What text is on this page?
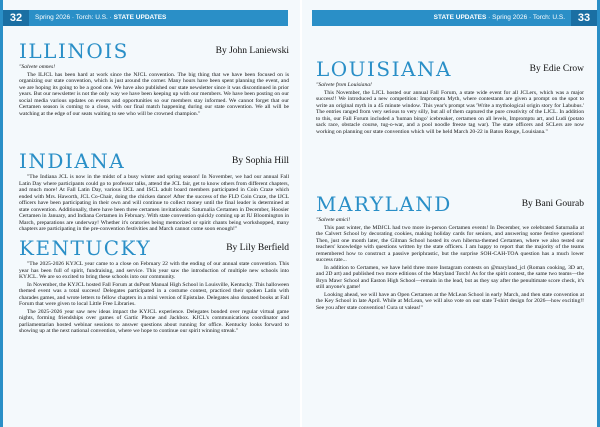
32 Spring 2026 · Torch: U.S. · STATE UPDATES
ILLINOIS	By John Laniewski

"Salvete omnes!

The ILJCL has been hard at work since the NJCL convention. The big thing that we have been focused on is organizing our state convention, which is just around the corner. Many hours have been spent planning the event, and we are hoping its going to be a good one. We have also published our state newsletter since it was discontinued in prior years. But our newsletter is not the only way we have been keeping up with our members. We have been posting on our social media various updates on events and opportunities so our members stay informed. We cannot forget that our Certamen season is coming to a close, with our final match happening during our state convention. We all will be watching at the edge of our seats waiting to see who will be crowned champion."

INDIANA	By Sophia Hill

"The Indiana JCL is now in the midst of a busy winter and spring season! In November, we had our annual Fall Latin Day where participants could go to professor talks, attend the JCL fair, get to know others from different chapters, and much more! At Fall Latin Day, various IJCL and ISCL adult board members participated in Coin Craze which ended with Mrs. Haworth, JCL Co-Chair, doing the chicken dance! After the success of the FLD Coin Craze, the IJCL officers have been participating in their own and will continue to collect money until the final leader is determined at state convention. Additionally, there have been three certamen invitationals: Saturnalia Certamen in December, Hoosier Certamen in January, and Indiana Certamen in February. With state convention quickly coming up at IU Bloomington in March, preparations are underway! Whether it's oratories being memorized or spirit chants being workshopped, many chapters are participating in the pre-convention festivities and March cannot come soon enough!"

KENTUCKY	By Lily Berfield

"The 2025-2026 KYJCL year came to a close on February 22 with the ending of our annual state convention. This year has been full of spirit, fundraising, and service. This year saw the introduction of multiple new schools into KYJCL. We are so excited to bring these schools into our community.

In November, the KYJCL hosted Fall Forum at duPont Manual High School in Louisville, Kentucky. This halloween themed event was a total success! Delegates participated in a costume contest, practiced their spoken Latin with charades games, and wrote letters to fellow chapters in a mini version of Epistulae. Delegates also donated books at Fall Forum that were given to local Little Free Libraries.

The 2025-2026 year saw new ideas impact the KYJCL experience. Delegates bonded over regular virtual game nights, forming friendships over games of Gartic Phone and Jackbox. KJCL's communications coordinator and parliamentarian hosted webinar sessions to answer questions about running for office. Kentucky looks forward to showing up at the next national convention, where we hope to continue our spirit winning streak."

STATE UPDATES · Spring 2026 · Torch: U.S. 33
LOUISIANA	By Edie Crow

"Salvete from Louisiana!

This November, the LJCL hosted our annual Fall Forum, a state wide event for all JCLers, which was a major success!! We introduced a new competition: Impromptu Myth, where contestants are given a prompt on the spot to write an original myth in a 45 minute window. This year's prompt was 'Write a mythological origin story for Labubus.' The entries ranged from very serious to very silly, but all of them captured the pure creativity of the LJCL. In addition to this, our Fall Forum included a 'human bingo' icebreaker, certamen on all levels, Impromptu art, and Ludi (potato sack race, obstacle course, tug-o-war, and a pool noodle freeze tag war). The state officers and SCLers are now working on planning our state convention which will be held March 20-22 in Baton Rouge, Louisiana."

MARYLAND	By Bani Gourab

"Salvete amici!

This past winter, the MDJCL had two more in-person Certamen events! In December, we celebrated Saturnalia at the Calvert School by decorating cookies, making holiday cards for seniors, and answering some festive questions! Then, just one month later, the Gilman School hosted its own hiberna-themed Certamen, where we also tested our teachers' knowledge with questions written by the state officers. I am happy to report that the majority of the teams remembered how to construct a passive periphrastic, but the surprise SOH-CAH-TOA question has a much lower success rate...

In addition to Certamen, we have held three more Instagram contests on @maryland_jcl (Roman cooking, 3D art, and 2D art) and published two more editions of the Maryland Torch! As for the spirit contest, the same two teams—the Bryn Mawr School and Easton High School—remain in the lead, but as they say after the penultimate score check, it's still anyone's game!

Looking ahead, we will have an Open Certamen at the McLean School in early March, and then state convention at the Key School in late April. While at McLean, we will also vote on our state T-shirt design for 2026—how exciting!! See you after state convention! Cura ut valeas!"
